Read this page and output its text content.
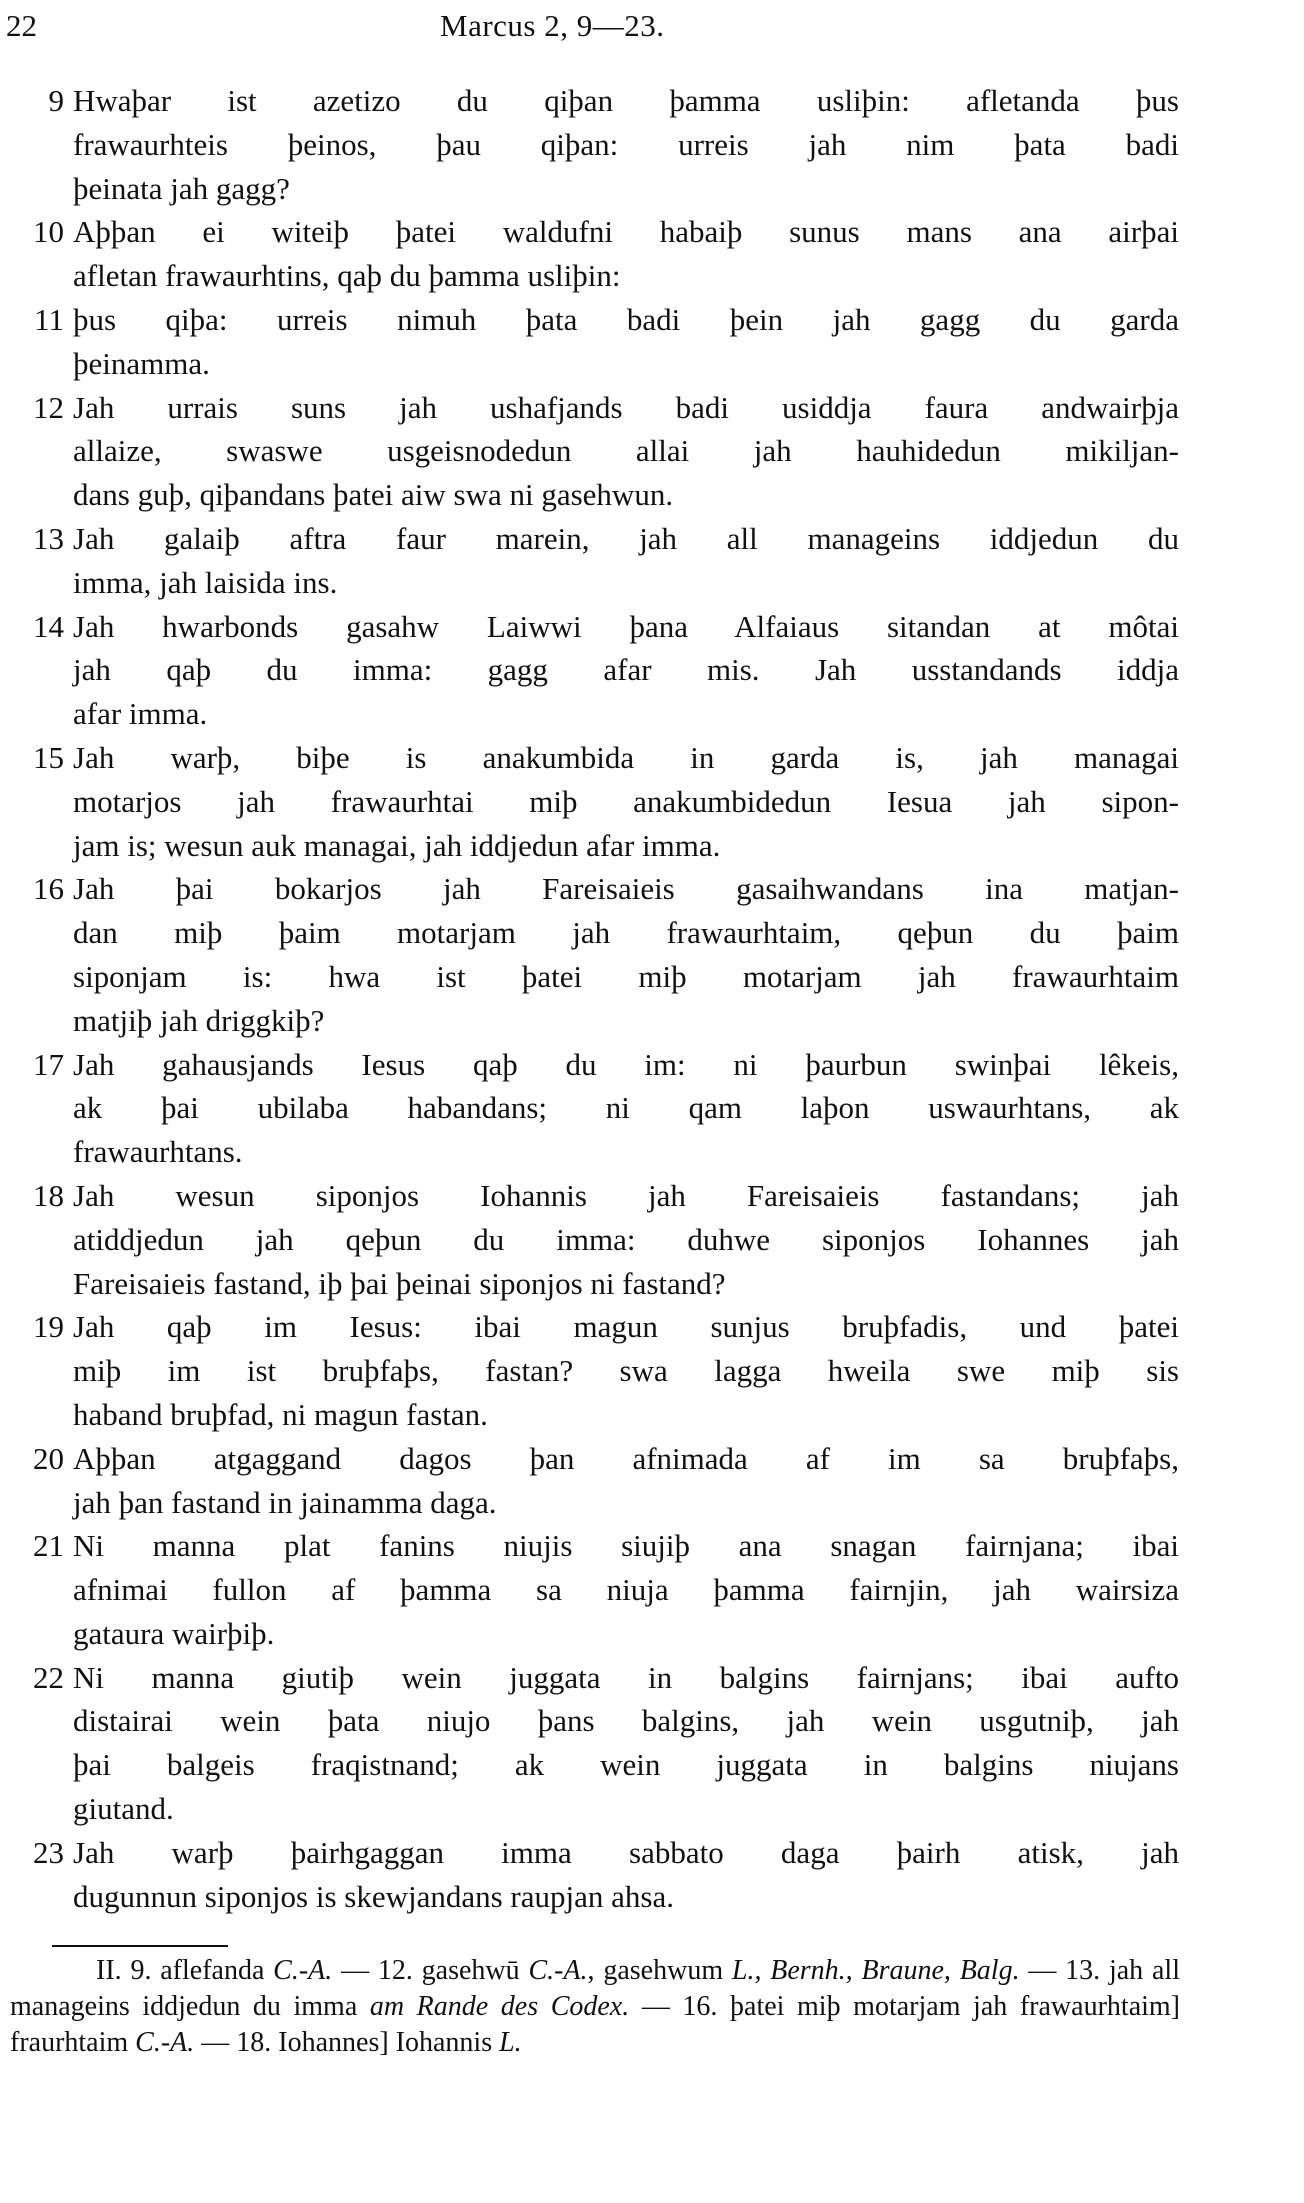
22	Marcus 2, 9—23.
9 Hwaþar ist azetizo du qiþan þamma usliþin: afletanda þus
frawaurhteis þeinos, þau qiþan: urreis jah nim þata badi
þeinata jah gagg?
10 Aþþan ei witeiþ þatei waldufni habaiþ sunus mans ana airþai
afletan frawaurhtins, qaþ du þamma usliþin:
11 þus qiþa: urreis nimuh þata badi þein jah gagg du garda
þeinamma.
12 Jah urrais suns jah ushafjands badi usiddja faura andwairþja
allaize, swaswe usgeisnodedun allai jah hauhidedun mikiljan-
dans guþ, qiþandans þatei aiw swa ni gasehwun.
13 Jah galaiþ aftra faur marein, jah all manageins iddjedun du
imma, jah laisida ins.
14 Jah hwarbonds gasahw Laiwwi þana Alfaiaus sitandan at môtai
jah qaþ du imma: gagg afar mis. Jah usstandands iddja
afar imma.
15 Jah warþ, biþe is anakumbida in garda is, jah managai
motarjos jah frawaurhtai miþ anakumbidedun Iesua jah sipon-
jam is; wesun auk managai, jah iddjedun afar imma.
16 Jah þai bokarjos jah Fareisaieis gasaihwandans ina matjan-
dan miþ þaim motarjam jah frawaurhtaim, qeþun du þaim
siponjam is: hwa ist þatei miþ motarjam jah frawaurhtaim
matjiþ jah driggkiþ?
17 Jah gahausjands Iesus qaþ du im: ni þaurbun swinþai lêkeis,
ak þai ubilaba habandans; ni qam laþon uswaurhtans, ak
frawaurhtans.
18 Jah wesun siponjos Iohannis jah Fareisaieis fastandans; jah
atiddjedun jah qeþun du imma: duhwe siponjos Iohannes jah
Fareisaieis fastand, iþ þai þeinai siponjos ni fastand?
19 Jah qaþ im Iesus: ibai magun sunjus bruþfadis, und þatei
miþ im ist bruþfaþs, fastan? swa lagga hweila swe miþ sis
haband bruþfad, ni magun fastan.
20 Aþþan atgaggand dagos þan afnimada af im sa bruþfaþs,
jah þan fastand in jainamma daga.
21 Ni manna plat fanins niujis siujiþ ana snagan fairnjana; ibai
afnimai fullon af þamma sa niuja þamma fairnjin, jah wairsiza
gataura wairþiþ.
22 Ni manna giutiþ wein juggata in balgins fairnjans; ibai aufto
distairai wein þata niujo þans balgins, jah wein usgutniþ, jah
þai balgeis fraqistnand; ak wein juggata in balgins niujans
giutand.
23 Jah warþ þairhgaggan imma sabbato daga þairh atisk, jah
dugunnun siponjos is skewjandans raupjan ahsa.
II. 9. aflefanda C.-A. — 12. gasehwū C.-A., gasehwum L., Bernh., Braune, Balg. — 13. jah all manageins iddjedun du imma am Rande des Codex. — 16. þatei miþ motarjam jah frawaurhtaim] fraurhtaim C.-A. — 18. Iohannes] Iohannis L.
